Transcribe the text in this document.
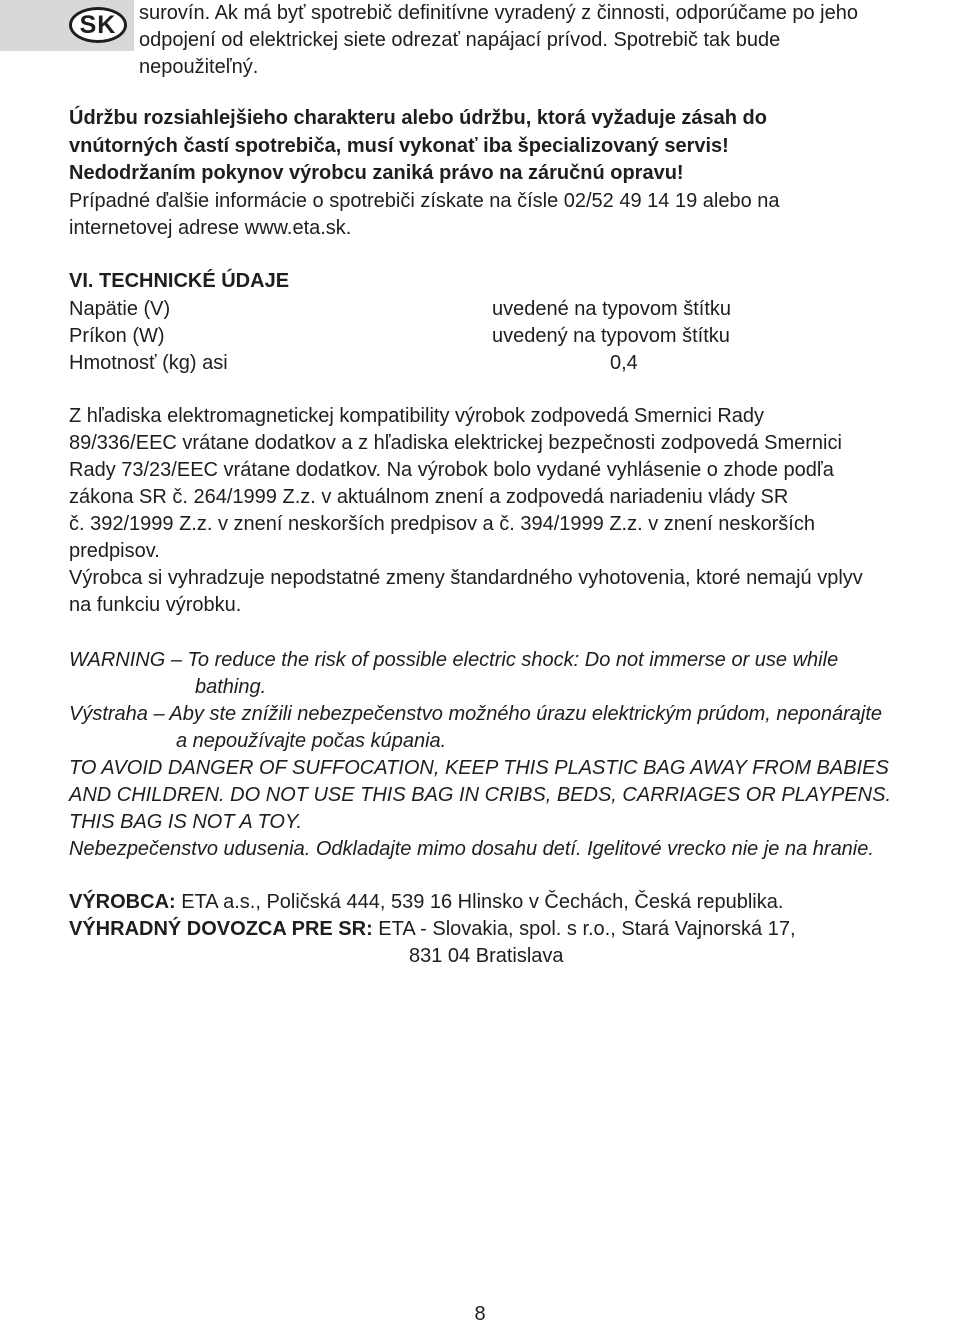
SK	surovín. Ak má byť spotrebič definitívne vyradený z činnosti, odporúčame po jeho
odpojení od elektrickej siete odrezať napájací prívod. Spotrebič tak bude
nepoužiteľný.

Údržbu rozsiahlejšieho charakteru alebo údržbu, ktorá vyžaduje zásah do

vnútorných častí spotrebiča, musí vykonať iba špecializovaný servis!

Nedodržaním pokynov výrobcu zaniká právo na záručnú opravu!

Prípadné ďalšie informácie o spotrebiči získate na čísle 02/52 49 14 19 alebo na

internetovej adrese www.eta.sk.

VI. TECHNICKÉ ÚDAJE

Napätie (V)	uvedené na typovom štítku

Príkon (W)	uvedený na typovom štítku

Hmotnosť (kg) asi	0,4

Z hľadiska elektromagnetickej kompatibility výrobok zodpovedá Smernici Rady

89/336/EEC vrátane dodatkov a z hľadiska elektrickej bezpečnosti zodpovedá Smernici

Rady 73/23/EEC vrátane dodatkov. Na výrobok bolo vydané vyhlásenie o zhode podľa

zákona SR č. 264/1999 Z.z. v aktuálnom znení a zodpovedá nariadeniu vlády SR

č. 392/1999 Z.z. v znení neskorších predpisov a č. 394/1999 Z.z. v znení neskorších

predpisov.

Výrobca si vyhradzuje nepodstatné zmeny štandardného vyhotovenia, ktoré nemajú vplyv

na funkciu výrobku.

WARNING – To reduce the risk of possible electric shock: Do not immerse or use while

bathing.

Výstraha – Aby ste znížili nebezpečenstvo možného úrazu elektrickým prúdom, neponárajte

a nepoužívajte počas kúpania.

TO AVOID DANGER OF SUFFOCATION, KEEP THIS PLASTIC BAG AWAY FROM BABIES

AND CHILDREN. DO NOT USE THIS BAG IN CRIBS, BEDS, CARRIAGES OR PLAYPENS.

THIS BAG IS NOT A TOY.

Nebezpečenstvo udusenia. Odkladajte mimo dosahu detí. Igelitové vrecko nie je na hranie.

VÝROBCA: ETA a.s., Poličská 444, 539 16 Hlinsko v Čechách, Česká republika.

VÝHRADNÝ DOVOZCA PRE SR: ETA - Slovakia, spol. s r.o., Stará Vajnorská 17,

831 04 Bratislava

8
